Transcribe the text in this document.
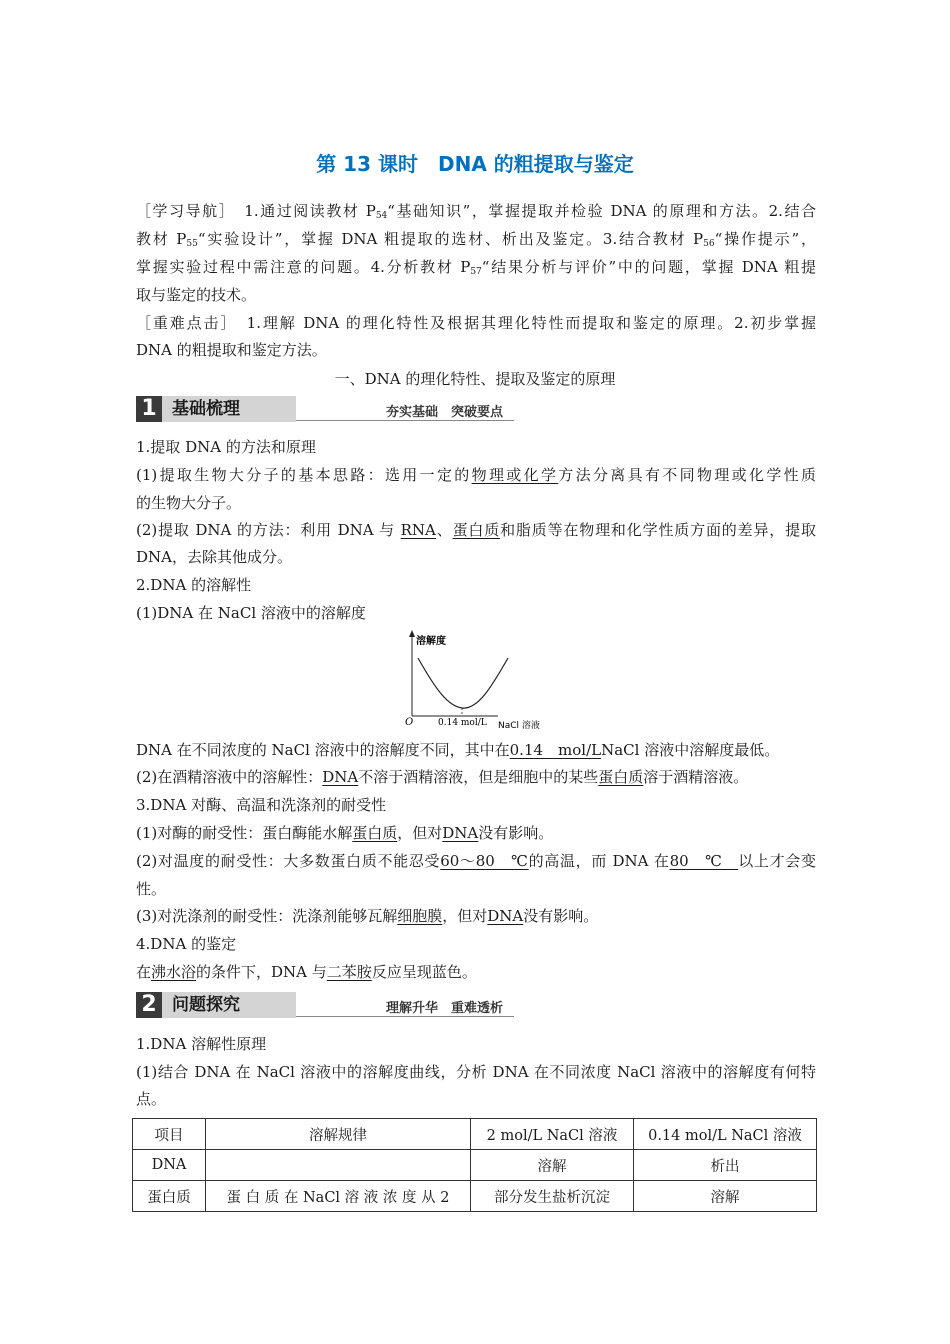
第 13 课时　DNA 的粗提取与鉴定
［学习导航］　1.通过阅读教材 $P_{54}“$基础知识”，掌握提取并检验 DNA 的原理和方法。2.结合
教材 $P_{55}“$实验设计”，掌握 DNA 粗提取的选材、析出及鉴定。3.结合教材 $P_{56}“$操作提示”，
掌握实验过程中需注意的问题。4.分析教材 $P_{57}“$结果分析与评价”中的问题，掌握 DNA 粗提
取与鉴定的技术。
［重难点击］　1.理解 DNA 的理化特性及根据其理化特性而提取和鉴定的原理。2.初步掌握
DNA 的粗提取和鉴定方法。
一、DNA 的理化特性、提取及鉴定的原理
1 基础梳理	夯实基础　突破要点
1.提取 DNA 的方法和原理
(1)提取生物大分子的基本思路：选用一定的物理或化学方法分离具有不同物理或化学性质
的生物大分子。
(2)提取 DNA 的方法：利用 DNA 与 RNA、蛋白质和脂质等在物理和化学性质方面的差异，提取
DNA，去除其他成分。
2.DNA 的溶解性
(1)DNA 在 NaCl 溶液中的溶解度
溶解度
O	0.14 mol/L NaCl 溶液
DNA 在不同浓度的 NaCl 溶液中的溶解度不同，其中在0.14　mol/LNaCl 溶液中溶解度最低。
(2)在酒精溶液中的溶解性：DNA不溶于酒精溶液，但是细胞中的某些蛋白质溶于酒精溶液。
3.DNA 对酶、高温和洗涤剂的耐受性
(1)对酶的耐受性：蛋白酶能水解蛋白质，但对DNA没有影响。
(2)对温度的耐受性：大多数蛋白质不能忍受60～80　℃的高温，而 DNA 在80　℃　以上才会变
性。
(3)对洗涤剂的耐受性：洗涤剂能够瓦解细胞膜，但对DNA没有影响。
4.DNA 的鉴定
在沸水浴的条件下，DNA 与二苯胺反应呈现蓝色。
2 问题探究	理解升华　重难透析
1.DNA 溶解性原理
(1)结合 DNA 在 NaCl 溶液中的溶解度曲线，分析 DNA 在不同浓度 NaCl 溶液中的溶解度有何特
点。
项目	溶解规律	2 mol/L NaCl 溶液	0.14 mol/L NaCl 溶液
DNA		溶解	析出
蛋白质	蛋 白 质 在 NaCl 溶 液 浓 度 从 2	部分发生盐析沉淀	溶解
